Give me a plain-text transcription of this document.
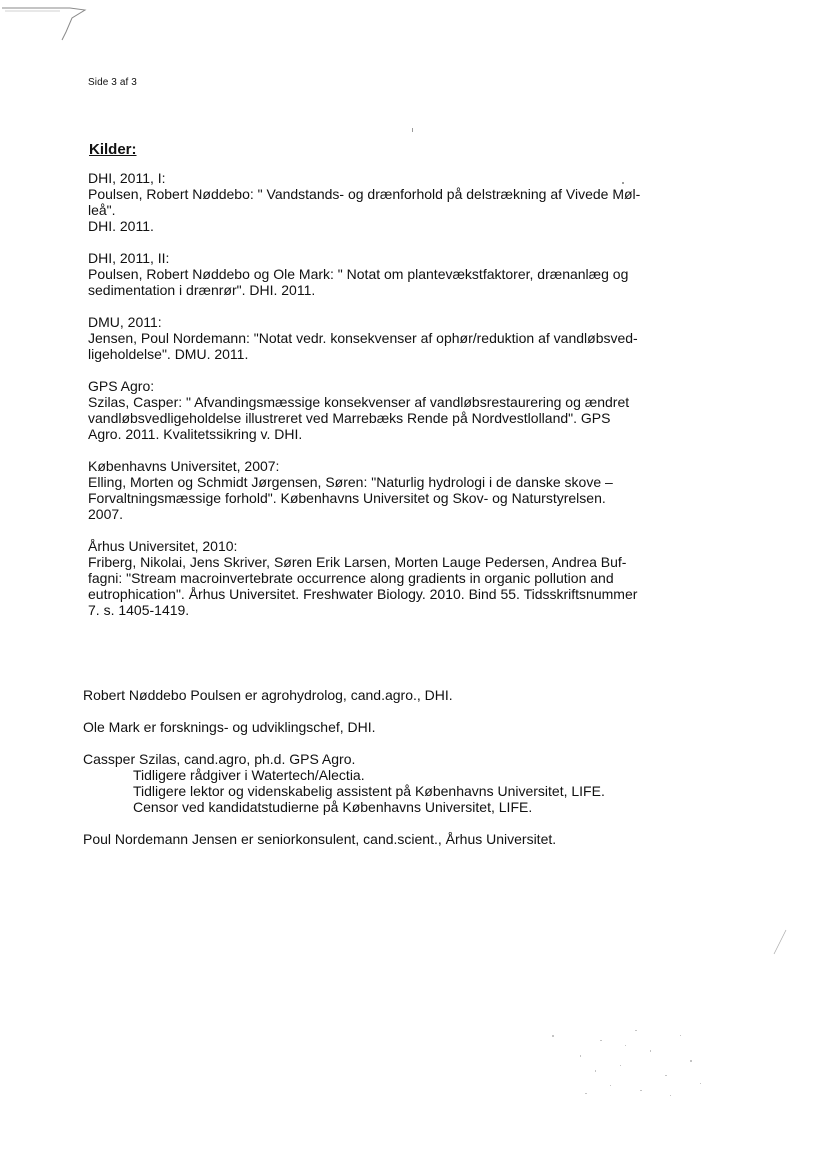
Side 3 af 3
Kilder:
DHI, 2011, I:
Poulsen, Robert Nøddebo: " Vandstands- og drænforhold på delstrækning af Vivede Møl-
leå".
DHI. 2011.
DHI, 2011, II:
Poulsen, Robert Nøddebo og Ole Mark: " Notat om plantevækstfaktorer, drænanlæg og
sedimentation i drænrør". DHI. 2011.
DMU, 2011:
Jensen, Poul Nordemann: "Notat vedr. konsekvenser af ophør/reduktion af vandløbsved-
ligeholdelse". DMU. 2011.
GPS Agro:
Szilas, Casper: " Afvandingsmæssige konsekvenser af vandløbsrestaurering og ændret
vandløbsvedligeholdelse illustreret ved Marrebæks Rende på Nordvestlolland". GPS
Agro. 2011. Kvalitetssikring v. DHI.
Københavns Universitet, 2007:
Elling, Morten og Schmidt Jørgensen, Søren: "Naturlig hydrologi i de danske skove –
Forvaltningsmæssige forhold". Københavns Universitet og Skov- og Naturstyrelsen.
2007.
Århus Universitet, 2010:
Friberg, Nikolai, Jens Skriver, Søren Erik Larsen, Morten Lauge Pedersen, Andrea Buf-
fagni: "Stream macroinvertebrate occurrence along gradients in organic pollution and
eutrophication". Århus Universitet. Freshwater Biology. 2010. Bind 55. Tidsskriftsnummer
7. s. 1405-1419.

Robert Nøddebo Poulsen er agrohydrolog, cand.agro., DHI.

Ole Mark er forsknings- og udviklingschef, DHI.

Cassper Szilas, cand.agro, ph.d. GPS Agro.

Tidligere rådgiver i Watertech/Alectia.

Tidligere lektor og videnskabelig assistent på Københavns Universitet, LIFE.

Censor ved kandidatstudierne på Københavns Universitet, LIFE.

Poul Nordemann Jensen er seniorkonsulent, cand.scient., Århus Universitet.
